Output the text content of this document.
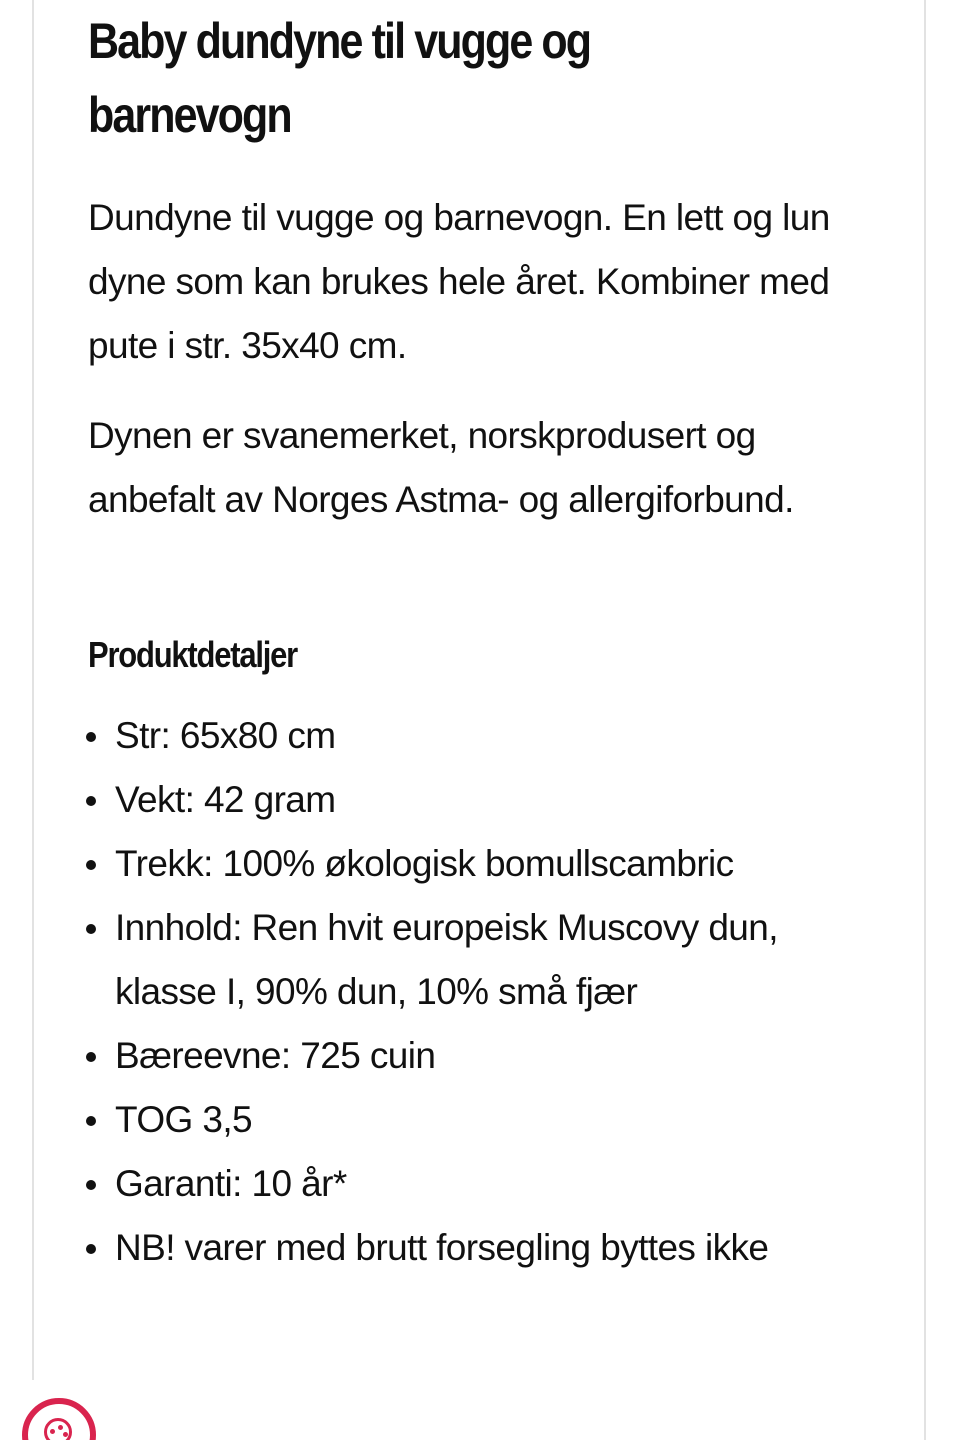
Baby dundyne til vugge og barnevogn

Dundyne til vugge og barnevogn. En lett og lun dyne som kan brukes hele året. Kombiner med pute i str. 35x40 cm.

Dynen er svanemerket, norskprodusert og anbefalt av Norges Astma- og allergiforbund.

Produktdetaljer
Str: 65x80 cm
Vekt: 42 gram
Trekk: 100% økologisk bomullscambric
Innhold: Ren hvit europeisk Muscovy dun, klasse I, 90% dun, 10% små fjær
Bæreevne: 725 cuin
TOG 3,5
Garanti: 10 år*
NB! varer med brutt forsegling byttes ikke
